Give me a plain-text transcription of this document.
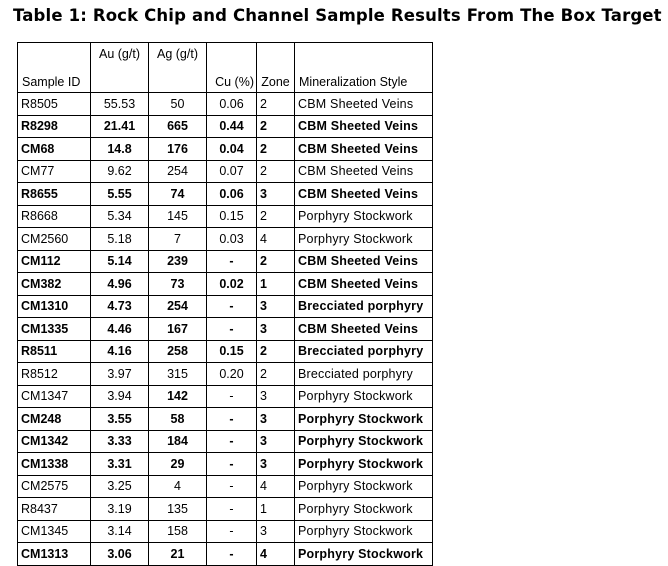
Table 1: Rock Chip and Channel Sample Results From The Box Target
Sample ID	Au (g/t)	Ag (g/t)	Cu (%)	Zone	Mineralization Style
R8505	55.53	50	0.06	2	CBM Sheeted Veins
R8298	21.41	665	0.44	2	CBM Sheeted Veins
CM68	14.8	176	0.04	2	CBM Sheeted Veins
CM77	9.62	254	0.07	2	CBM Sheeted Veins
R8655	5.55	74	0.06	3	CBM Sheeted Veins
R8668	5.34	145	0.15	2	Porphyry Stockwork
CM2560	5.18	7	0.03	4	Porphyry Stockwork
CM112	5.14	239	-	2	CBM Sheeted Veins
CM382	4.96	73	0.02	1	CBM Sheeted Veins
CM1310	4.73	254	-	3	Brecciated porphyry
CM1335	4.46	167	-	3	CBM Sheeted Veins
R8511	4.16	258	0.15	2	Brecciated porphyry
R8512	3.97	315	0.20	2	Brecciated porphyry
CM1347	3.94	142	-	3	Porphyry Stockwork
CM248	3.55	58	-	3	Porphyry Stockwork
CM1342	3.33	184	-	3	Porphyry Stockwork
CM1338	3.31	29	-	3	Porphyry Stockwork
CM2575	3.25	4	-	4	Porphyry Stockwork
R8437	3.19	135	-	1	Porphyry Stockwork
CM1345	3.14	158	-	3	Porphyry Stockwork
CM1313	3.06	21	-	4	Porphyry Stockwork
